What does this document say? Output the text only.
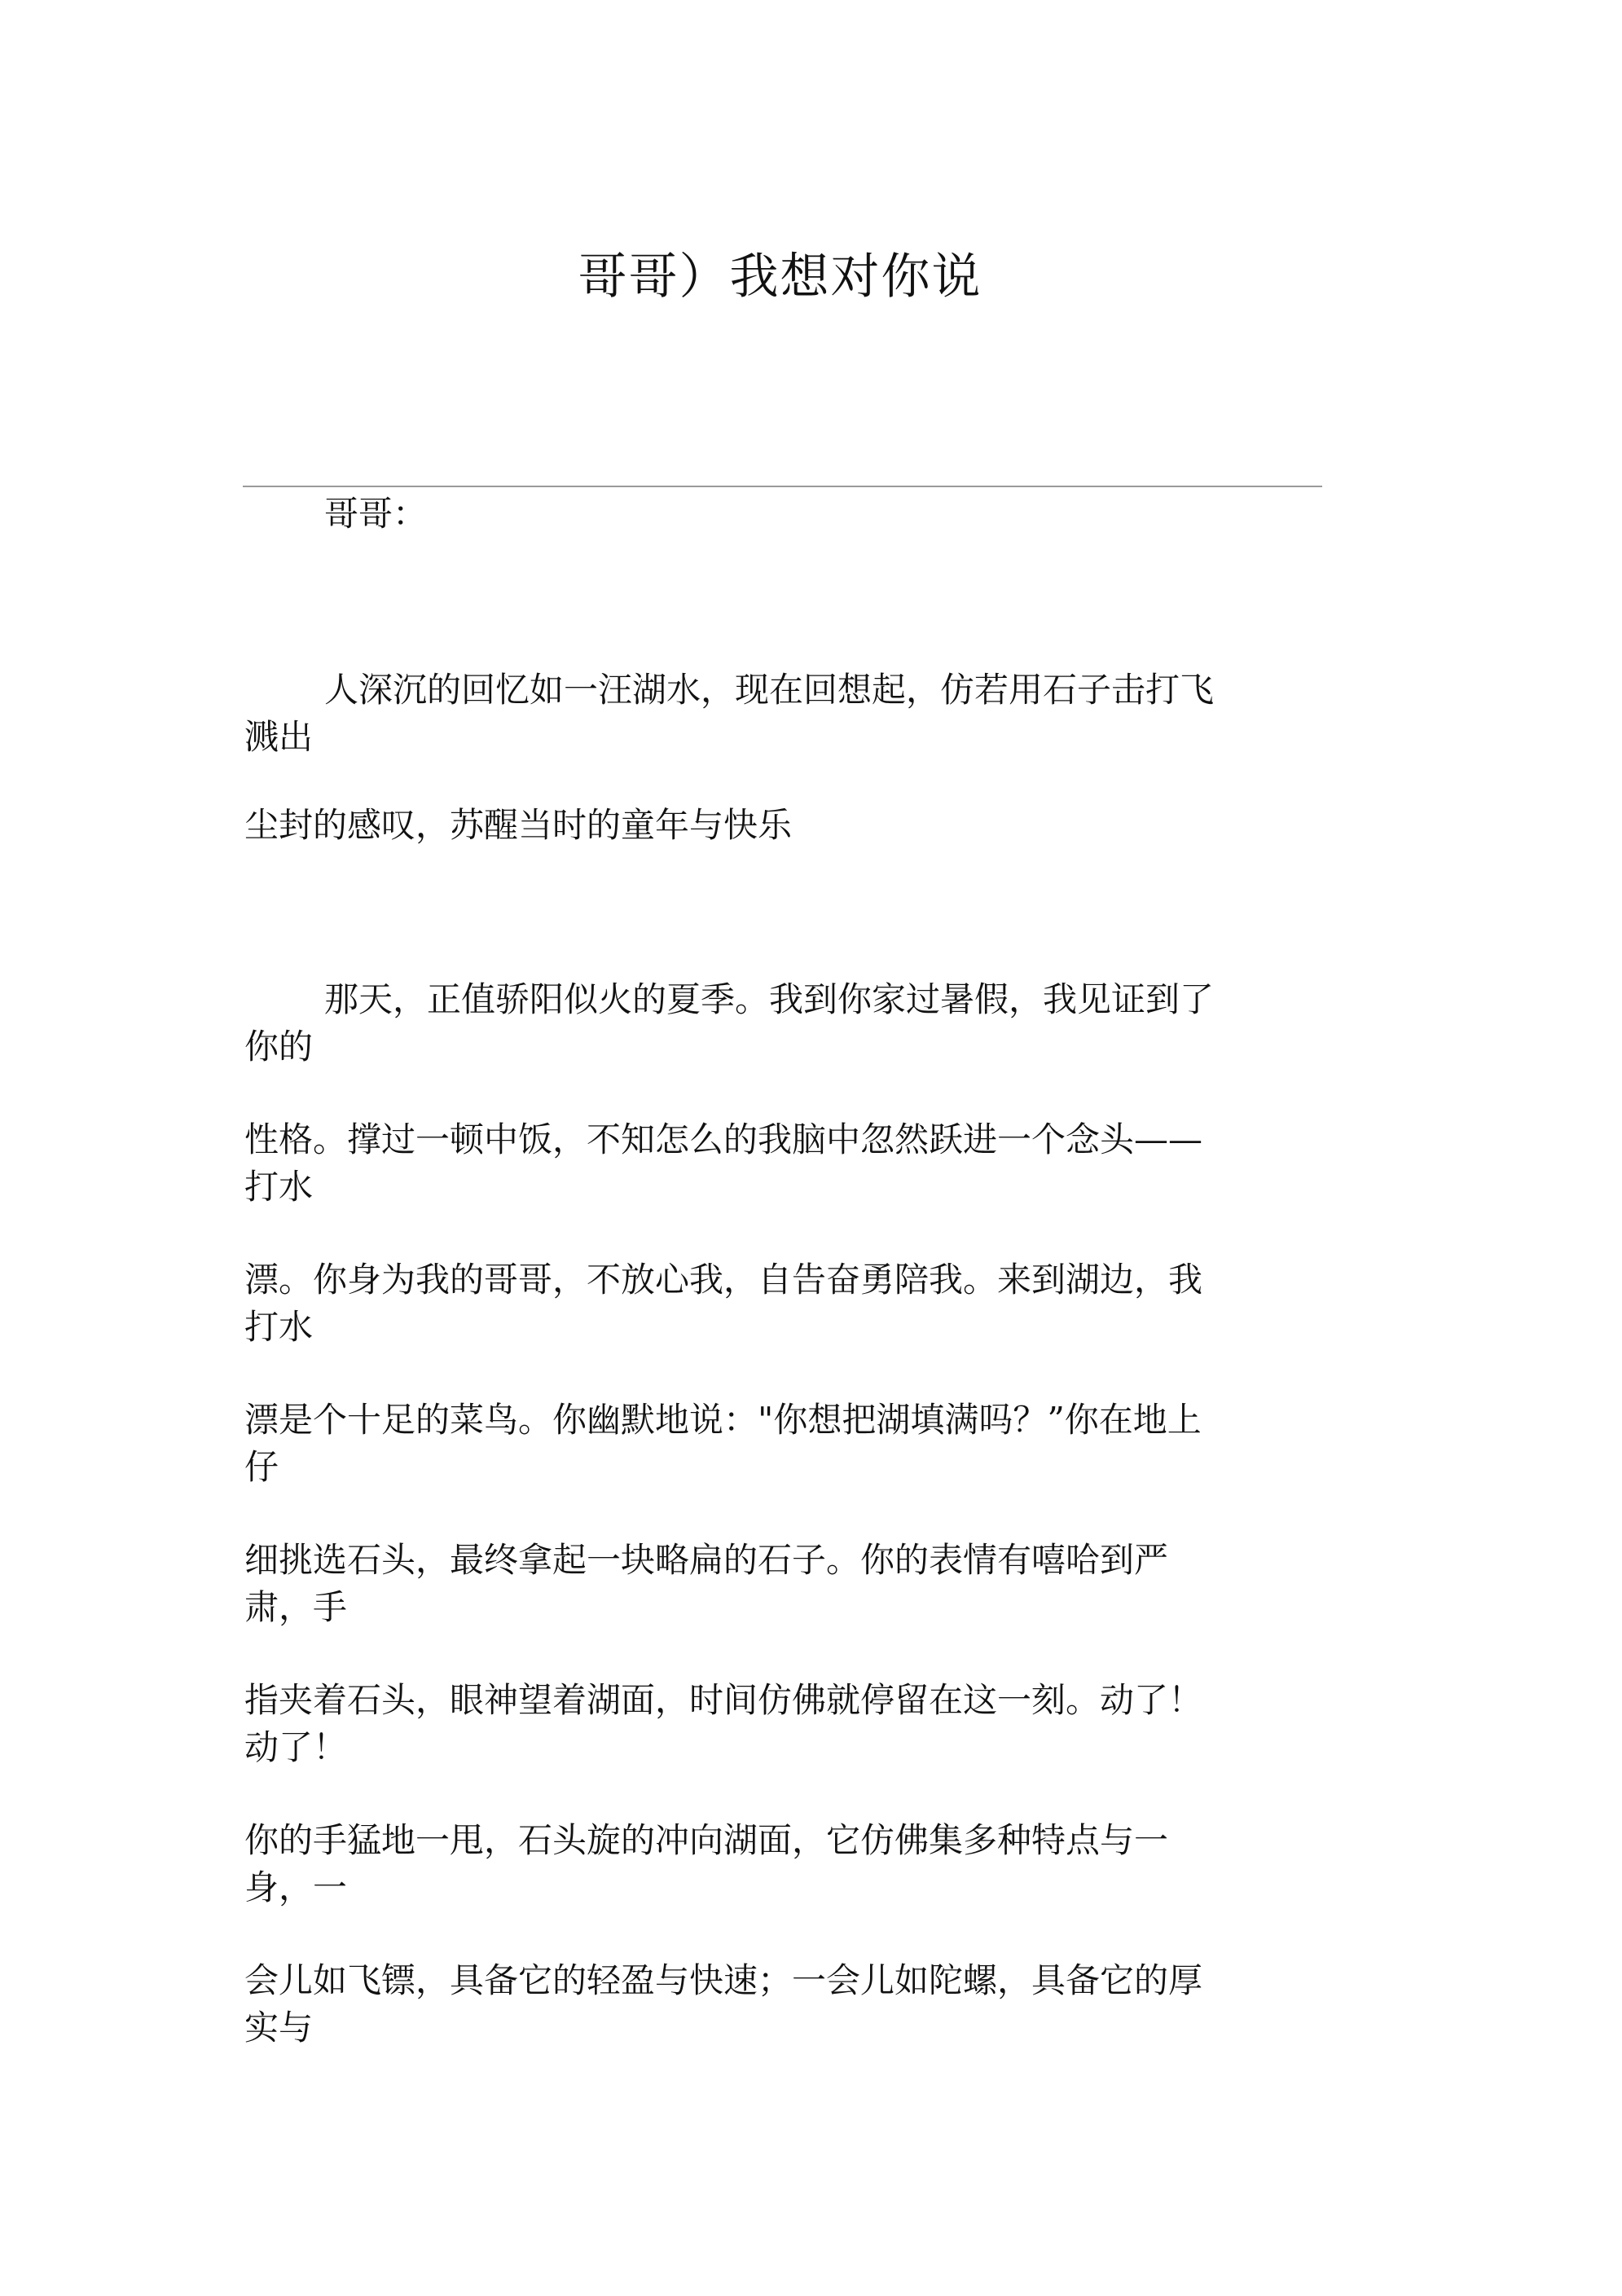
哥哥）我想对你说
哥哥：
人深沉的回忆如一汪湖水，现在回想起，仿若用石子击打飞
溅出
尘封的感叹，苏醒当时的童年与快乐
那天，正值骄阳似火的夏季。我到你家过暑假，我见证到了
你的
性格。撑过一顿中饭，不知怎么的我脑中忽然跃进一个念头——
打水
漂。你身为我的哥哥，不放心我，自告奋勇陪我。来到湖边，我
打水
漂是个十足的菜鸟。你幽默地说："你想把湖填满吗？”你在地上
仔
细挑选石头，最终拿起一块略扁的石子。你的表情有嘻哈到严
肃，手
指夹着石头，眼神望着湖面，时间仿佛就停留在这一刻。动了！
动了！
你的手猛地一甩，石头旋的冲向湖面，它仿佛集多种特点与一
身，一
会儿如飞镖，具备它的轻盈与快速；一会儿如陀螺，具备它的厚
实与
